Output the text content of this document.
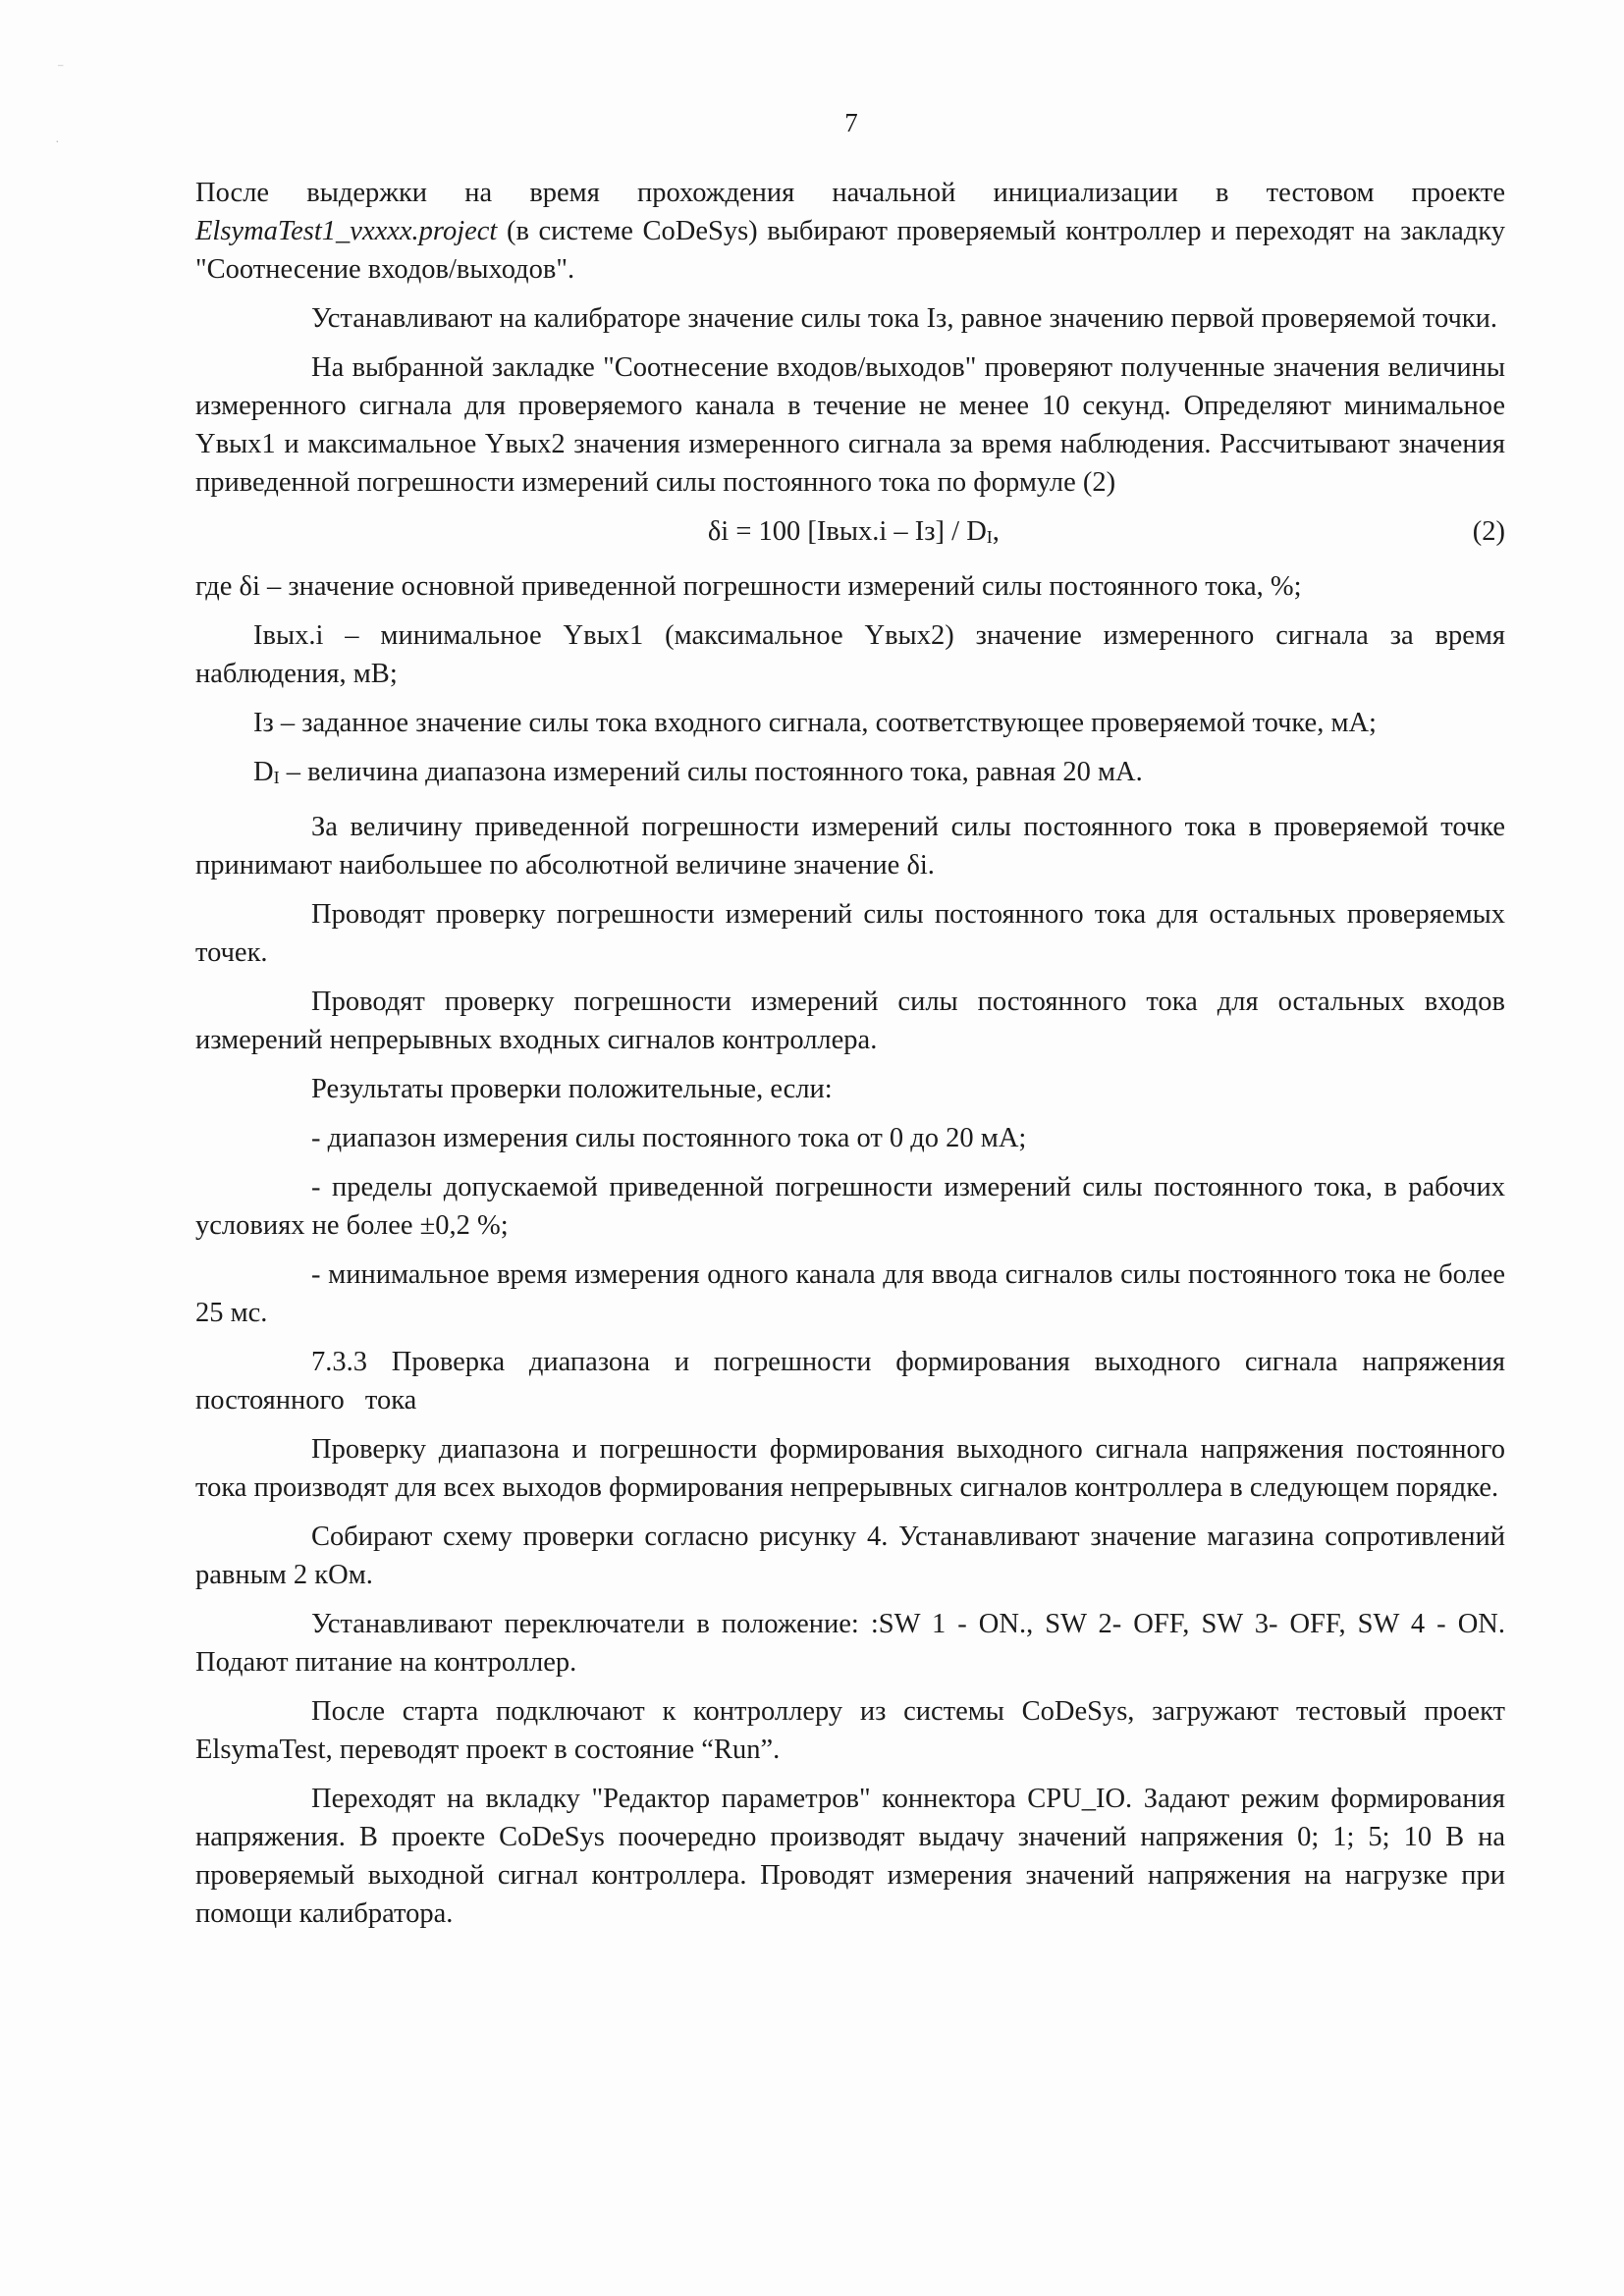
⁻
·
7

После выдержки на время прохождения начальной инициализации в тестовом проекте ElsymaTest1_vxxxx.project (в системе CoDeSys) выбирают проверяемый контроллер и переходят на закладку "Соотнесение входов/выходов".

Устанавливают на калибраторе значение силы тока Iз, равное значению первой проверяемой точки.

На выбранной закладке "Соотнесение входов/выходов" проверяют полученные значения величины измеренного сигнала для проверяемого канала в течение не менее 10 секунд. Определяют минимальное Yвых1 и максимальное Yвых2 значения измеренного сигнала за время наблюдения. Рассчитывают значения приведенной погрешности измерений силы постоянного тока по формуле (2)

δi = 100 [Iвых.i – $Iз] / D_I$,	(2)

где δi – значение основной приведенной погрешности измерений силы постоянного тока, %;

Iвых.i – минимальное Yвых1 (максимальное Yвых2) значение измеренного сигнала за время наблюдения, мВ;

Iз – заданное значение силы тока входного сигнала, соответствующее проверяемой точке, мА;

$D_I$ – величина диапазона измерений силы постоянного тока, равная 20 мА.

За величину приведенной погрешности измерений силы постоянного тока в проверяемой точке принимают наибольшее по абсолютной величине значение δi.

Проводят проверку погрешности измерений силы постоянного тока для остальных проверяемых точек.

Проводят проверку погрешности измерений силы постоянного тока для остальных входов измерений непрерывных входных сигналов контроллера.

Результаты проверки положительные, если:

- диапазон измерения силы постоянного тока от 0 до 20 мА;

- пределы допускаемой приведенной погрешности измерений силы постоянного тока, в рабочих условиях не более ±0,2 %;

- минимальное время измерения одного канала для ввода сигналов силы постоянного тока не более 25 мс.

7.3.3 Проверка диапазона и погрешности формирования выходного сигнала напряжения постоянного тока

Проверку диапазона и погрешности формирования выходного сигнала напряжения постоянного тока производят для всех выходов формирования непрерывных сигналов контроллера в следующем порядке.

Собирают схему проверки согласно рисунку 4. Устанавливают значение магазина сопротивлений равным 2 кОм.

Устанавливают переключатели в положение: :SW 1 - ON., SW 2- OFF, SW 3- OFF, SW 4 - ON. Подают питание на контроллер.

После старта подключают к контроллеру из системы CoDeSys, загружают тестовый проект ElsymaTest, переводят проект в состояние “Run”.

Переходят на вкладку "Редактор параметров" коннектора CPU_IO. Задают режим формирования напряжения. В проекте CoDeSys поочередно производят выдачу значений напряжения 0; 1; 5; 10 В на проверяемый выходной сигнал контроллера. Проводят измерения значений напряжения на нагрузке при помощи калибратора.
